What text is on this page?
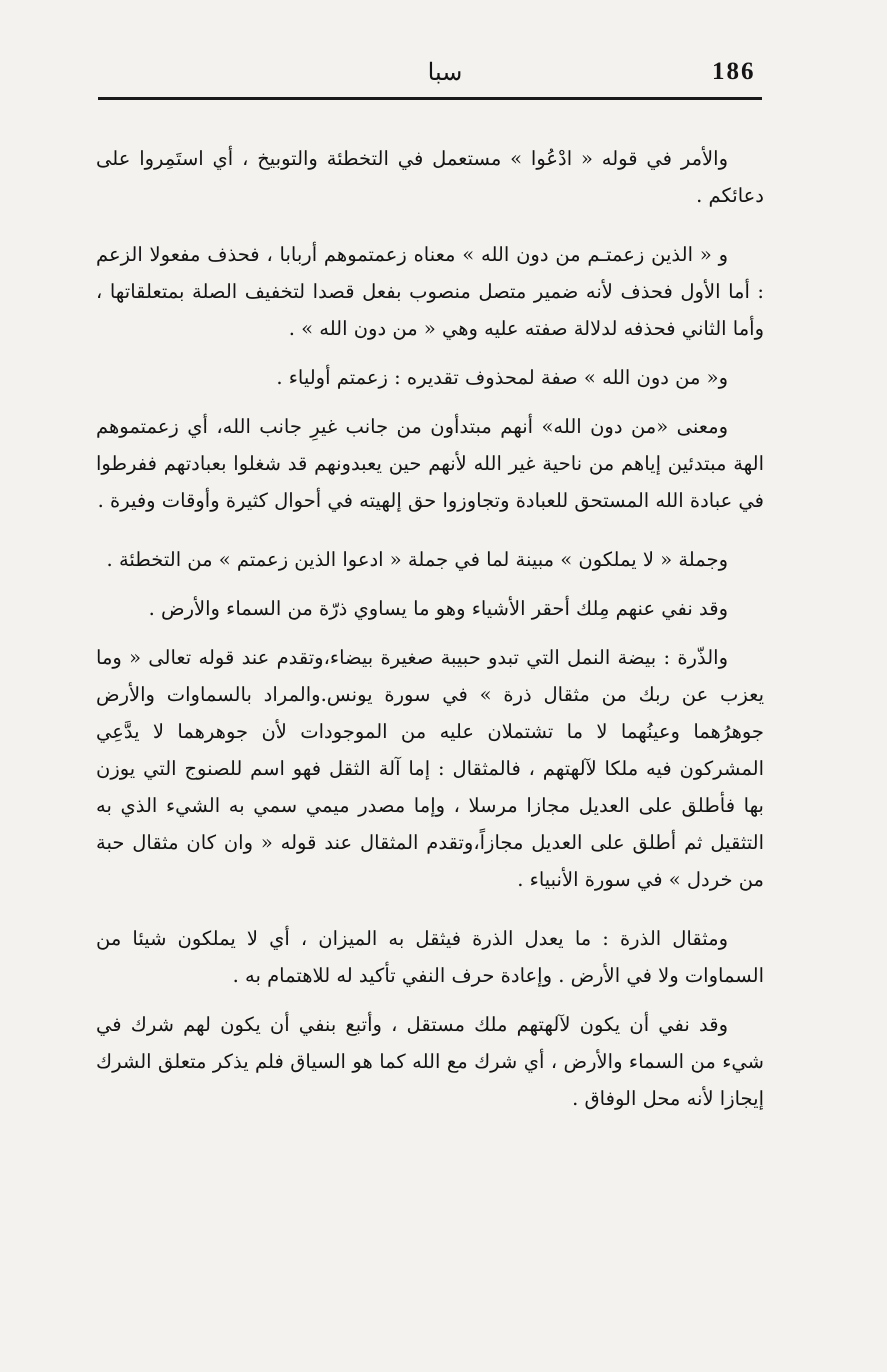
186
سبا

والأمر في قوله « ادْعُوا » مستعمل في التخطئة والتوبيخ ، أي استَمِروا على دعائكم .

و « الذين زعمتـم من دون الله » معناه زعمتموهم أربابا ، فحذف مفعولا الزعم : أما الأول فحذف لأنه ضمير متصل منصوب بفعل قصدا لتخفيف الصلة بمتعلقاتها ، وأما الثاني فحذفه لدلالة صفته عليه وهي « من دون الله » .

و« من دون الله » صفة لمحذوف تقديره : زعمتم أولياء .

ومعنى «من دون الله» أنهم مبتدأون من جانب غيرِ جانب الله، أي زعمتموهم الهة مبتدئين إياهم من ناحية غير الله لأنهم حين يعبدونهم قد شغلوا بعبادتهم ففرطوا في عبادة الله المستحق للعبادة وتجاوزوا حق إلهيته في أحوال كثيرة وأوقات وفيرة .

وجملة « لا يملكون » مبينة لما في جملة « ادعوا الذين زعمتم » من التخطئة .

وقد نفي عنهم مِلك أحقر الأشياء وهو ما يساوي ذرّة من السماء والأرض .

والذّرة : بيضة النمل التي تبدو حبيبة صغيرة بيضاء،وتقدم عند قوله تعالى « وما يعزب عن ربك من مثقال ذرة » في سورة يونس.والمراد بالسماوات والأرض جوهرُهما وعينُهما لا ما تشتملان عليه من الموجودات لأن جوهرهما لا يدَّعِي المشركون فيه ملكا لآلهتهم ، فالمثقال : إما آلة الثقل فهو اسم للصنوج التي يوزن بها فأطلق على العديل مجازا مرسلا ، وإما مصدر ميمي سمي به الشيء الذي به التثقيل ثم أطلق على العديل مجازاً،وتقدم المثقال عند قوله « وان كان مثقال حبة من خردل » في سورة الأنبياء .

ومثقال الذرة : ما يعدل الذرة فيثقل به الميزان ، أي لا يملكون شيئا من السماوات ولا في الأرض . وإعادة حرف النفي تأكيد له للاهتمام به .

وقد نفي أن يكون لآلهتهم ملك مستقل ، وأتبع بنفي أن يكون لهم شرك في شيء من السماء والأرض ، أي شرك مع الله كما هو السياق فلم يذكر متعلق الشرك إيجازا لأنه محل الوفاق .
